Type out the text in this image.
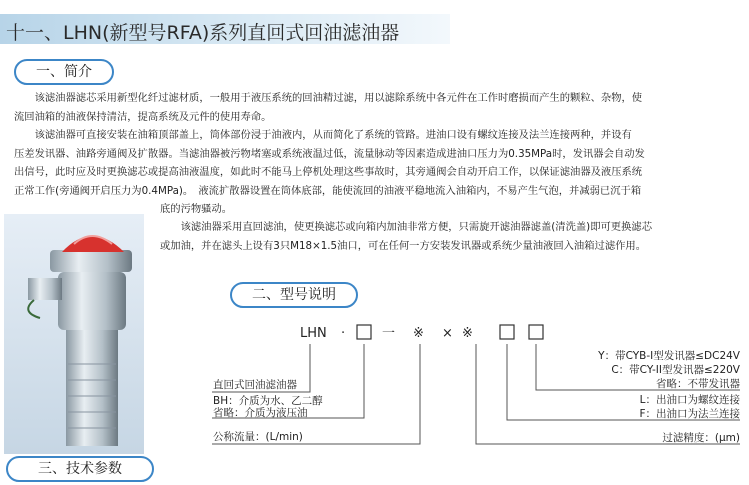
十一、LHN(新型号RFA)系列直回式回油滤油器
一、简介
　　该滤油器滤芯采用新型化纤过滤材质，一般用于液压系统的回油精过滤，用以滤除系统中各元件在工作时磨损而产生的颗粒、杂物，使
流回油箱的油液保持清洁，提高系统及元件的使用寿命。
　　该滤油器可直接安装在油箱顶部盖上，筒体部份浸于油液内，从而简化了系统的管路。进油口设有螺纹连接及法兰连接两种，并设有
压差发讯器、油路旁通阀及扩散器。当滤油器被污物堵塞或系统液温过低，流量脉动等因素造成进油口压力为0.35MPa时，发讯器会自动发
出信号，此时应及时更换滤芯或提高油液温度，如此时不能马上停机处理这些事故时，其旁通阀会自动开启工作，以保证滤油器及液压系统
正常工作(旁通阀开启压力为0.4MPa)。　液流扩散器设置在筒体底部，能使流回的油液平稳地流入油箱内，不易产生气泡，并减弱已沉于箱
底的污物骚动。
　　该滤油器采用直回滤油，使更换滤芯或向箱内加油非常方便，只需旋开滤油器滤盖(清洗盖)即可更换滤芯
或加油，并在滤头上设有3只M18×1.5油口，可在任何一方安装发讯器或系统少量油液回入油箱过滤作用。
二、型号说明
LHN ·	一 ※ × ※
Y：带CYB-I型发讯器≤DC24V
C：带CY-II型发讯器≤220V
省略：不带发讯器
L：出油口为螺纹连接
F：出油口为法兰连接
过滤精度：(μm)
直回式回油滤油器
BH：介质为水、乙二醇
省略：介质为液压油
公称流量：(L/min)
三、技术参数
